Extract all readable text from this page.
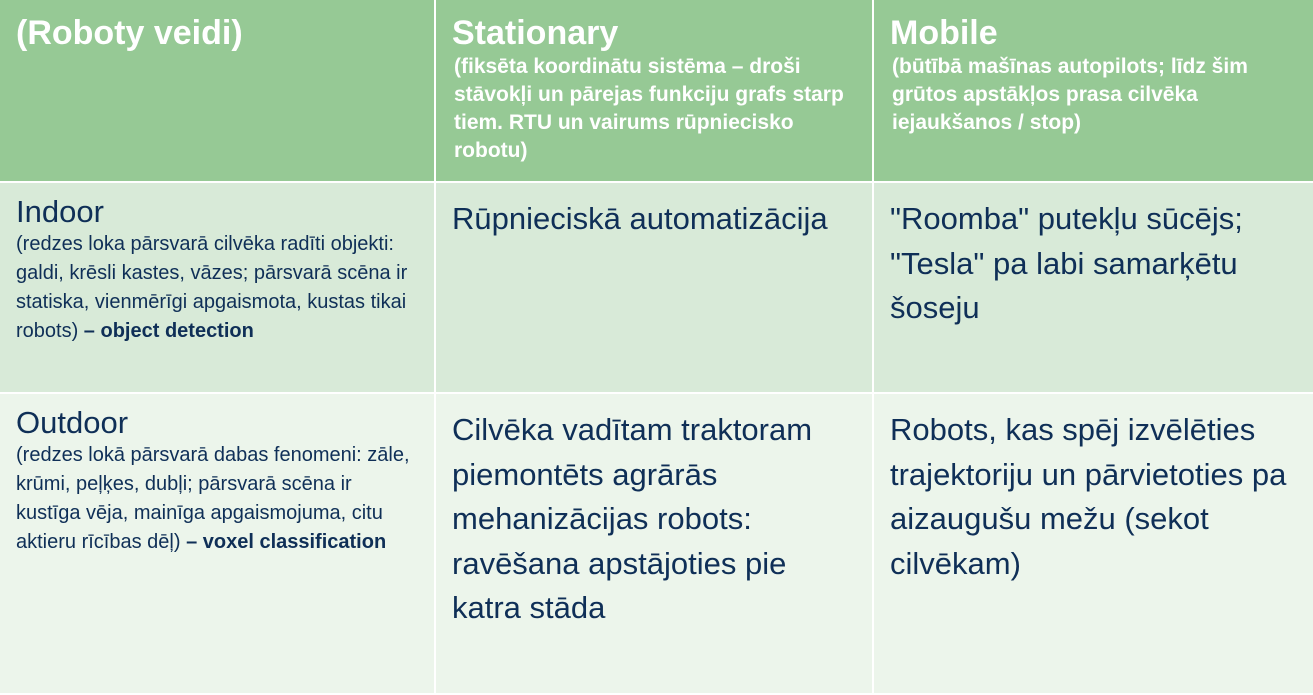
(Roboty veidi)	Stationary
(fiksēta koordinātu sistēma – droši stāvokļi un pārejas funkciju grafs starp tiem. RTU un vairums rūpniecisko robotu)
Mobile
(būtībā mašīnas autopilots; līdz šim grūtos apstākļos prasa cilvēka iejaukšanos / stop)
Indoor
(redzes loka pārsvarā cilvēka radīti objekti: galdi, krēsli kastes, vāzes; pārsvarā scēna ir statiska, vienmērīgi apgaismota, kustas tikai robots) – object detection
Rūpnieciskā automatizācija	"Roomba" putekļu sūcējs; "Tesla" pa labi samarķētu šoseju
Outdoor
(redzes lokā pārsvarā dabas fenomeni: zāle, krūmi, peļķes, dubļi; pārsvarā scēna ir kustīga vēja, mainīga apgaismojuma, citu aktieru rīcības dēļ) – voxel classification
Cilvēka vadītam traktoram piemontēts agrārās mehanizācijas robots: ravēšana apstājoties pie katra stāda
Robots, kas spēj izvēlēties trajektoriju un pārvietoties pa aizaugušu mežu (sekot cilvēkam)
